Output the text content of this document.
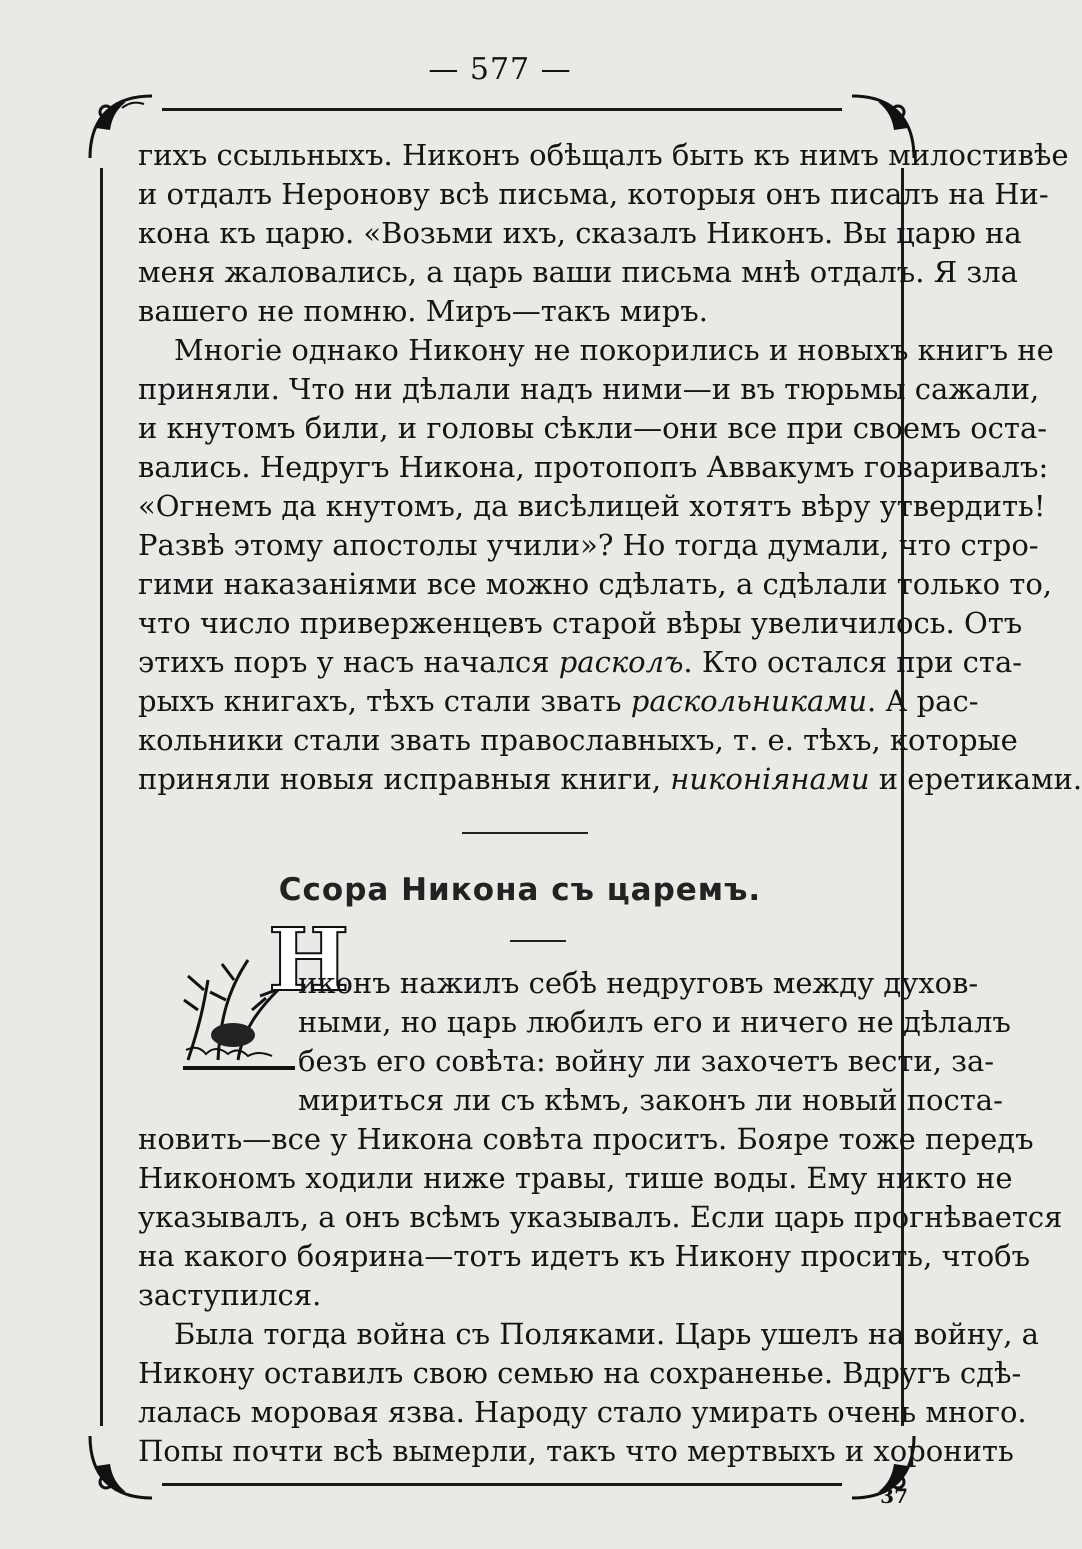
— 577 —
гихъ ссыльныхъ. Никонъ обѣщалъ быть къ нимъ милостивѣе
и отдалъ Неронову всѣ письма, которыя онъ писалъ на Ни-
кона къ царю. «Возьми ихъ, сказалъ Никонъ. Вы царю на
меня жаловались, а царь ваши письма мнѣ отдалъ. Я зла
вашего не помню. Миръ—такъ миръ.
Многіе однако Никону не покорились и новыхъ книгъ не
приняли. Что ни дѣлали надъ ними—и въ тюрьмы сажали,
и кнутомъ били, и головы сѣкли—они все при своемъ оста-
вались. Недругъ Никона, протопопъ Аввакумъ говаривалъ:
«Огнемъ да кнутомъ, да висѣлицей хотятъ вѣру утвердить!
Развѣ этому апостолы учили»? Но тогда думали, что стро-
гими наказаніями все можно сдѣлать, а сдѣлали только то,
что число приверженцевъ старой вѣры увеличилось. Отъ
этихъ поръ у насъ начался расколъ. Кто остался при ста-
рыхъ книгахъ, тѣхъ стали звать раскольниками. А рас-
кольники стали звать православныхъ, т. е. тѣхъ, которые
приняли новыя исправныя книги, никоніянами и еретиками.
Ссора Никона съ царемъ.
Н
иконъ нажилъ себѣ недруговъ между духов-
ными, но царь любилъ его и ничего не дѣлалъ
безъ его совѣта: войну ли захочетъ вести, за-
мириться ли съ кѣмъ, законъ ли новый поста-
новить—все у Никона совѣта проситъ. Бояре тоже передъ
Никономъ ходили ниже травы, тише воды. Ему никто не
указывалъ, а онъ всѣмъ указывалъ. Если царь прогнѣвается
на какого боярина—тотъ идетъ къ Никону просить, чтобъ
заступился.
Была тогда война съ Поляками. Царь ушелъ на войну, а
Никону оставилъ свою семью на сохраненье. Вдругъ сдѣ-
лалась моровая язва. Народу стало умирать очень много.
Попы почти всѣ вымерли, такъ что мертвыхъ и хоронить
37
